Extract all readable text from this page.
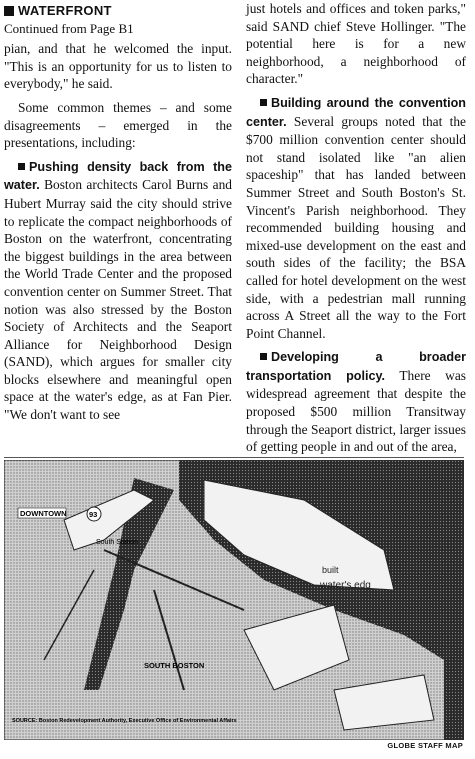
WATERFRONT
Continued from Page B1

pian, and that he welcomed the input. "This is an opportunity for us to listen to everybody," he said.

Some common themes – and some disagreements – emerged in the presentations, including:

Pushing density back from the water. Boston architects Carol Burns and Hubert Murray said the city should strive to replicate the compact neighborhoods of Boston on the waterfront, concentrating the biggest buildings in the area between the World Trade Center and the proposed convention center on Summer Street. That notion was also stressed by the Boston Society of Architects and the Seaport Alliance for Neighborhood Design (SAND), which argues for smaller city blocks elsewhere and meaningful open space at the water's edge, as at Fan Pier. "We don't want to see

just hotels and offices and token parks," said SAND chief Steve Hollinger. "The potential here is for a new neighborhood, a neighborhood of character."

Building around the convention center. Several groups noted that the $700 million convention center should not stand isolated like "an alien spaceship" that has landed between Summer Street and South Boston's St. Vincent's Parish neighborhood. They recommended building housing and mixed-use development on the east and south sides of the facility; the BSA called for hotel development on the west side, with a pedestrian mall running across A Street all the way to the Fort Point Channel.

Developing a broader transportation policy. There was widespread agreement that despite the proposed $500 million Transitway through the Seaport district, larger issues of getting people in and out of the area,

DOWNTOWN	93
South Station
SOUTH BOSTON
built
water's edg
SOURCE: Boston Redevelopment Authority, Executive Office of Environmental Affairs
GLOBE STAFF MAP
